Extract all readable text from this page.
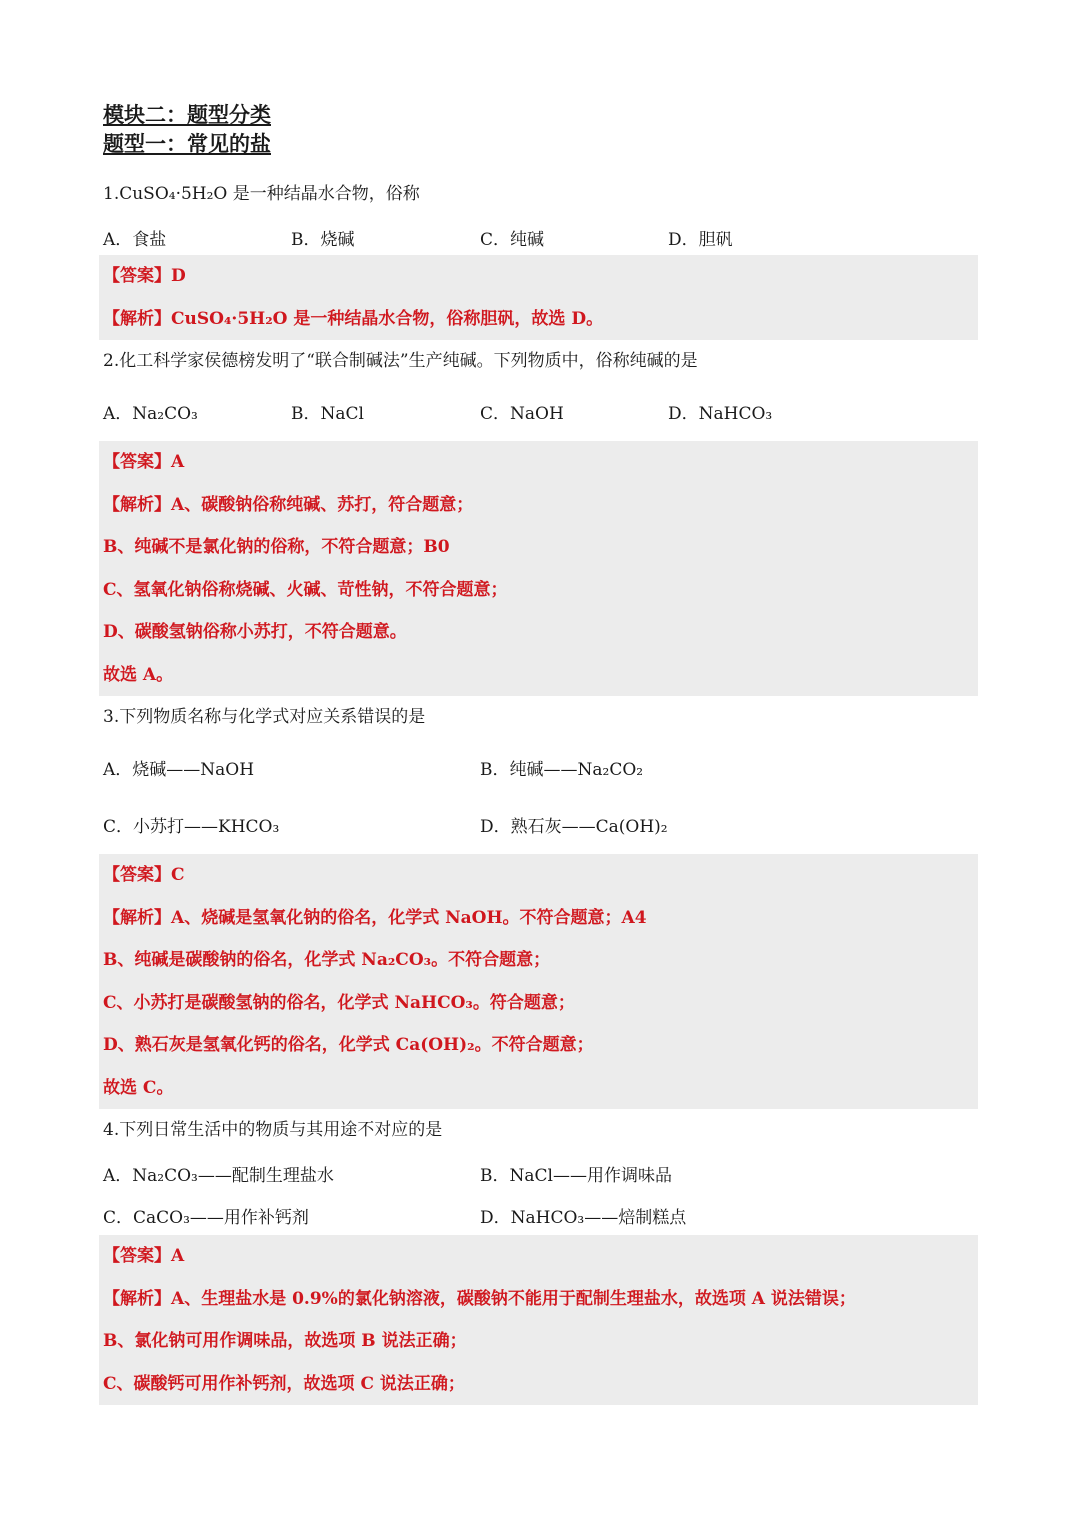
模块二：题型分类
题型一：常见的盐
1.CuSO₄·5H₂O 是一种结晶水合物，俗称
A．食盐	B．烧碱	C．纯碱	D．胆矾
【答案】D
【解析】CuSO₄·5H₂O 是一种结晶水合物，俗称胆矾，故选 D。
2.化工科学家侯德榜发明了“联合制碱法”生产纯碱。下列物质中，俗称纯碱的是
A．Na₂CO₃	B．NaCl	C．NaOH	D．NaHCO₃
【答案】A
【解析】A、碳酸钠俗称纯碱、苏打，符合题意；
B、纯碱不是氯化钠的俗称，不符合题意；B0
C、氢氧化钠俗称烧碱、火碱、苛性钠，不符合题意；
D、碳酸氢钠俗称小苏打，不符合题意。
故选 A。
3.下列物质名称与化学式对应关系错误的是
A．烧碱——NaOH	B．纯碱——Na₂CO₂
C．小苏打——KHCO₃	D．熟石灰——Ca(OH)₂
【答案】C
【解析】A、烧碱是氢氧化钠的俗名，化学式 NaOH。不符合题意；A4
B、纯碱是碳酸钠的俗名，化学式 Na₂CO₃。不符合题意；
C、小苏打是碳酸氢钠的俗名，化学式 NaHCO₃。符合题意；
D、熟石灰是氢氧化钙的俗名，化学式 Ca(OH)₂。不符合题意；
故选 C。
4.下列日常生活中的物质与其用途不对应的是
A．Na₂CO₃——配制生理盐水	B．NaCl——用作调味品
C．CaCO₃——用作补钙剂	D．NaHCO₃——焙制糕点
【答案】A
【解析】A、生理盐水是 0.9%的氯化钠溶液，碳酸钠不能用于配制生理盐水，故选项 A 说法错误；
B、氯化钠可用作调味品，故选项 B 说法正确；
C、碳酸钙可用作补钙剂，故选项 C 说法正确；
